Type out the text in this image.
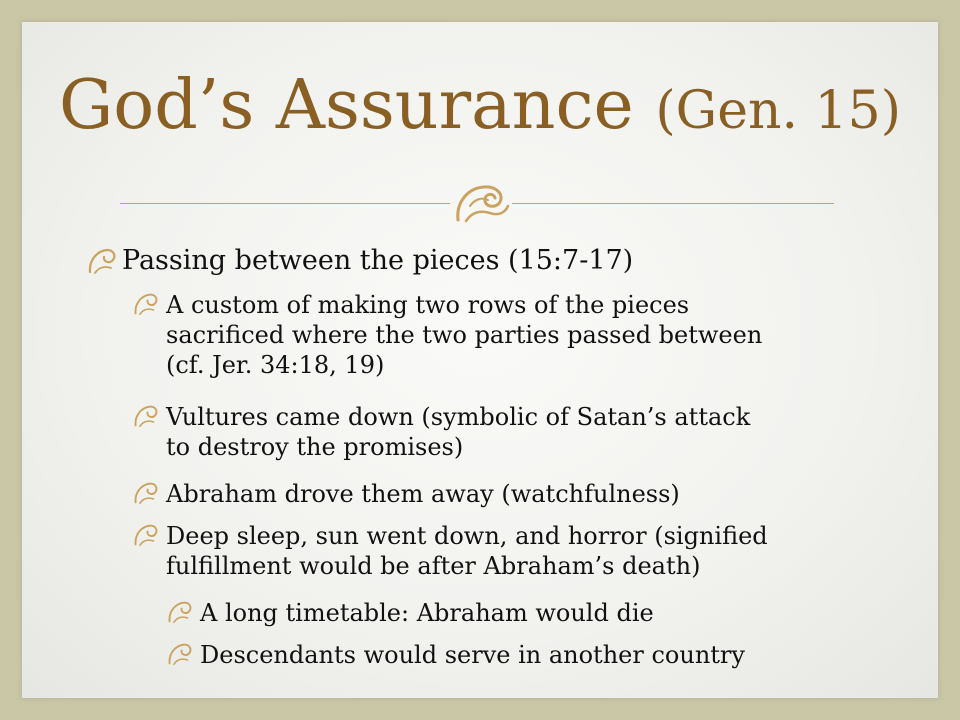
God’s Assurance (Gen. 15)
Passing between the pieces (15:7-17)
A custom of making two rows of the pieces
sacrificed where the two parties passed between
(cf. Jer. 34:18, 19)
Vultures came down (symbolic of Satan’s attack
to destroy the promises)
Abraham drove them away (watchfulness)
Deep sleep, sun went down, and horror (signified
fulfillment would be after Abraham’s death)
A long timetable: Abraham would die
Descendants would serve in another country
